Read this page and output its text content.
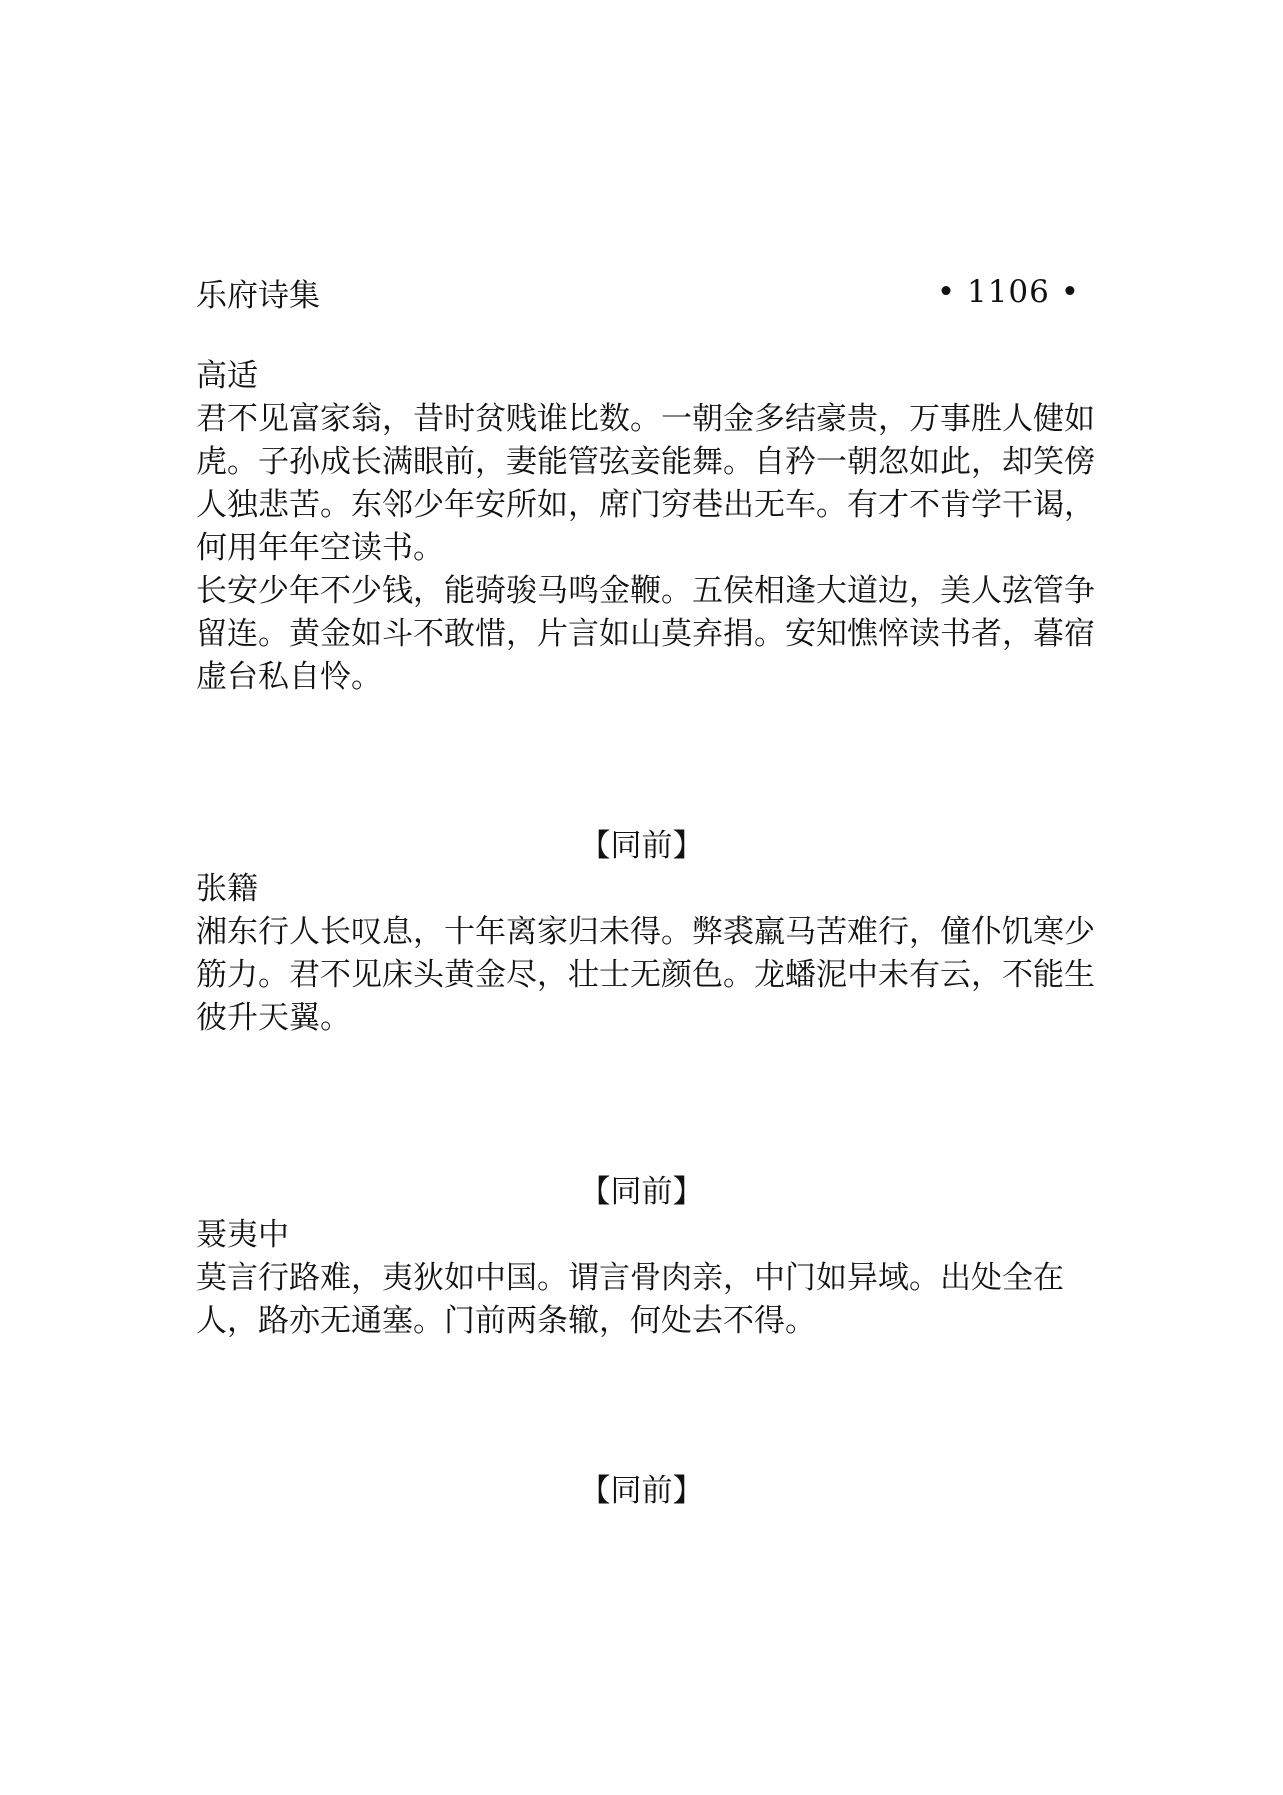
乐府诗集	• 1106 •
高适
君不见富家翁，昔时贫贱谁比数。一朝金多结豪贵，万事胜人健如虎。子孙成长满眼前，妻能管弦妾能舞。自矜一朝忽如此，却笑傍人独悲苦。东邻少年安所如，席门穷巷出无车。有才不肯学干谒，何用年年空读书。
长安少年不少钱，能骑骏马鸣金鞭。五侯相逢大道边，美人弦管争留连。黄金如斗不敢惜，片言如山莫弃捐。安知憔悴读书者，暮宿虚台私自怜。
【同前】
张籍
湘东行人长叹息，十年离家归未得。弊裘羸马苦难行，僮仆饥寒少筋力。君不见床头黄金尽，壮士无颜色。龙蟠泥中未有云，不能生彼升天翼。
【同前】
聂夷中
莫言行路难，夷狄如中国。谓言骨肉亲，中门如异域。出处全在人，路亦无通塞。门前两条辙，何处去不得。
【同前】
